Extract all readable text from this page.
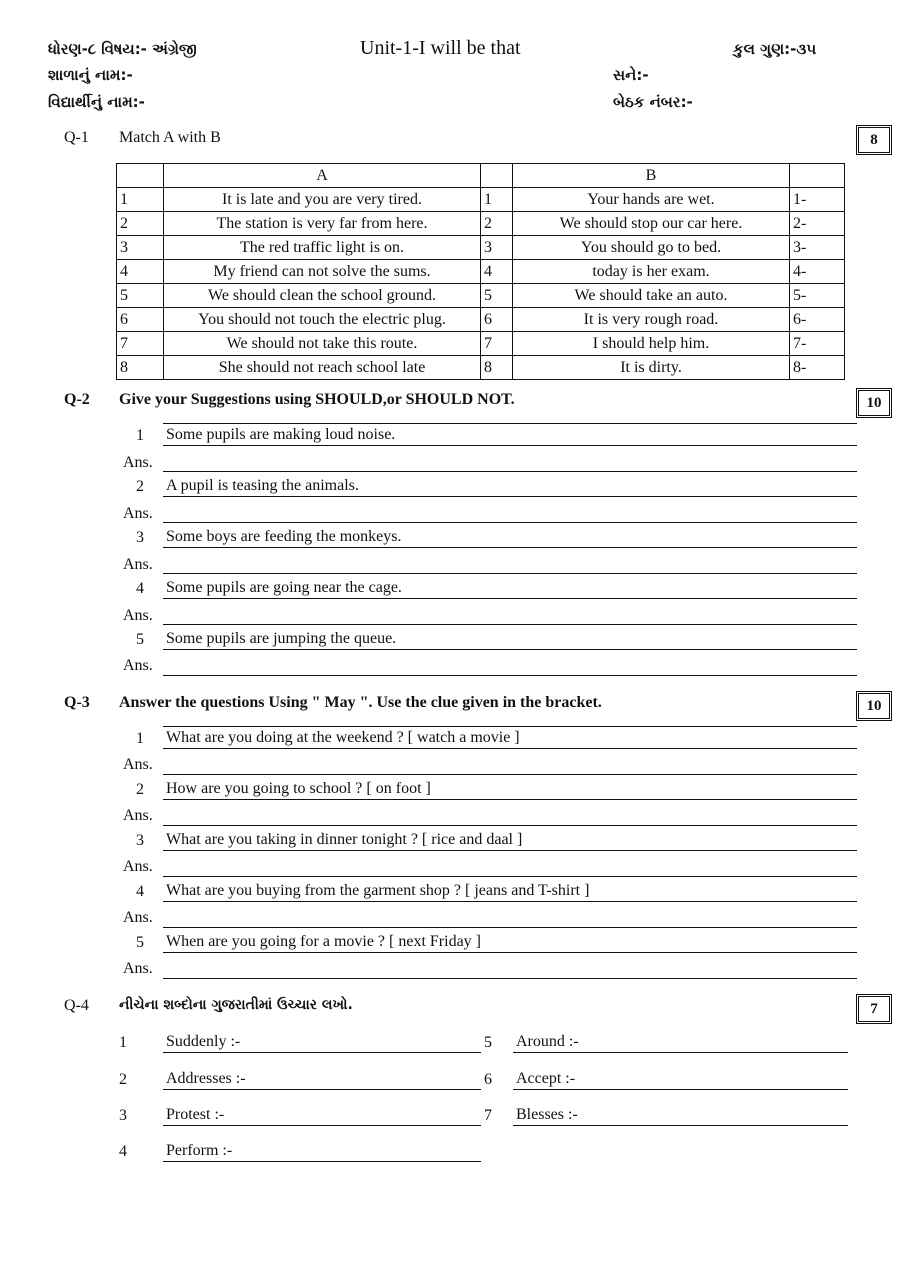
ધોરણ-૮ વિષય:- અંગ્રેજી	Unit-1-I will be that	કુલ ગુણ:-૩૫
શાળાનું નામ:-	સને:-
વિદ્યાર્થીનું નામ:-	બેઠક નંબર:-
Q-1 Match A with B	8
	A		B	
1	It is late and you are very tired.	1	Your hands are wet.	1-
2	The station is very far from here.	2	We should stop our car here.	2-
3	The red traffic light is on.	3	You should go to bed.	3-
4	My friend can not solve the sums.	4	today is her exam.	4-
5	We should clean the school ground.	5	We should take an auto.	5-
6	You should not touch the electric plug.	6	It is very rough road.	6-
7	We should not take this route.	7	I should help him.	7-
8	She should not reach school late	8	It is dirty.	8-
Q-2 Give your Suggestions using SHOULD,or SHOULD NOT.	10
1 Some pupils are making loud noise.
Ans.
2 A pupil is teasing the animals.
Ans.
3 Some boys are feeding the monkeys.
Ans.
4 Some pupils are going near the cage.
Ans.
5 Some pupils are jumping the queue.
Ans.
Q-3 Answer the questions Using " May ". Use the clue given in the bracket.	10
1 What are you doing at the weekend ? [ watch a movie ]
Ans.
2 How are you going to school ? [ on foot ]
Ans.
3 What are you taking in dinner tonight ? [ rice and daal ]
Ans.
4 What are you buying from the garment shop ? [ jeans and T-shirt ]
Ans.
5 When are you going for a movie ? [ next Friday ]
Ans.
Q-4 નીચેના શબ્દોના ગુજરાતીમાં ઉચ્ચાર લખો.	7
1 Suddenly :-
2 Addresses :-
3 Protest :-
4 Perform :-
5 Around :-
6 Accept :-
7 Blesses :-
